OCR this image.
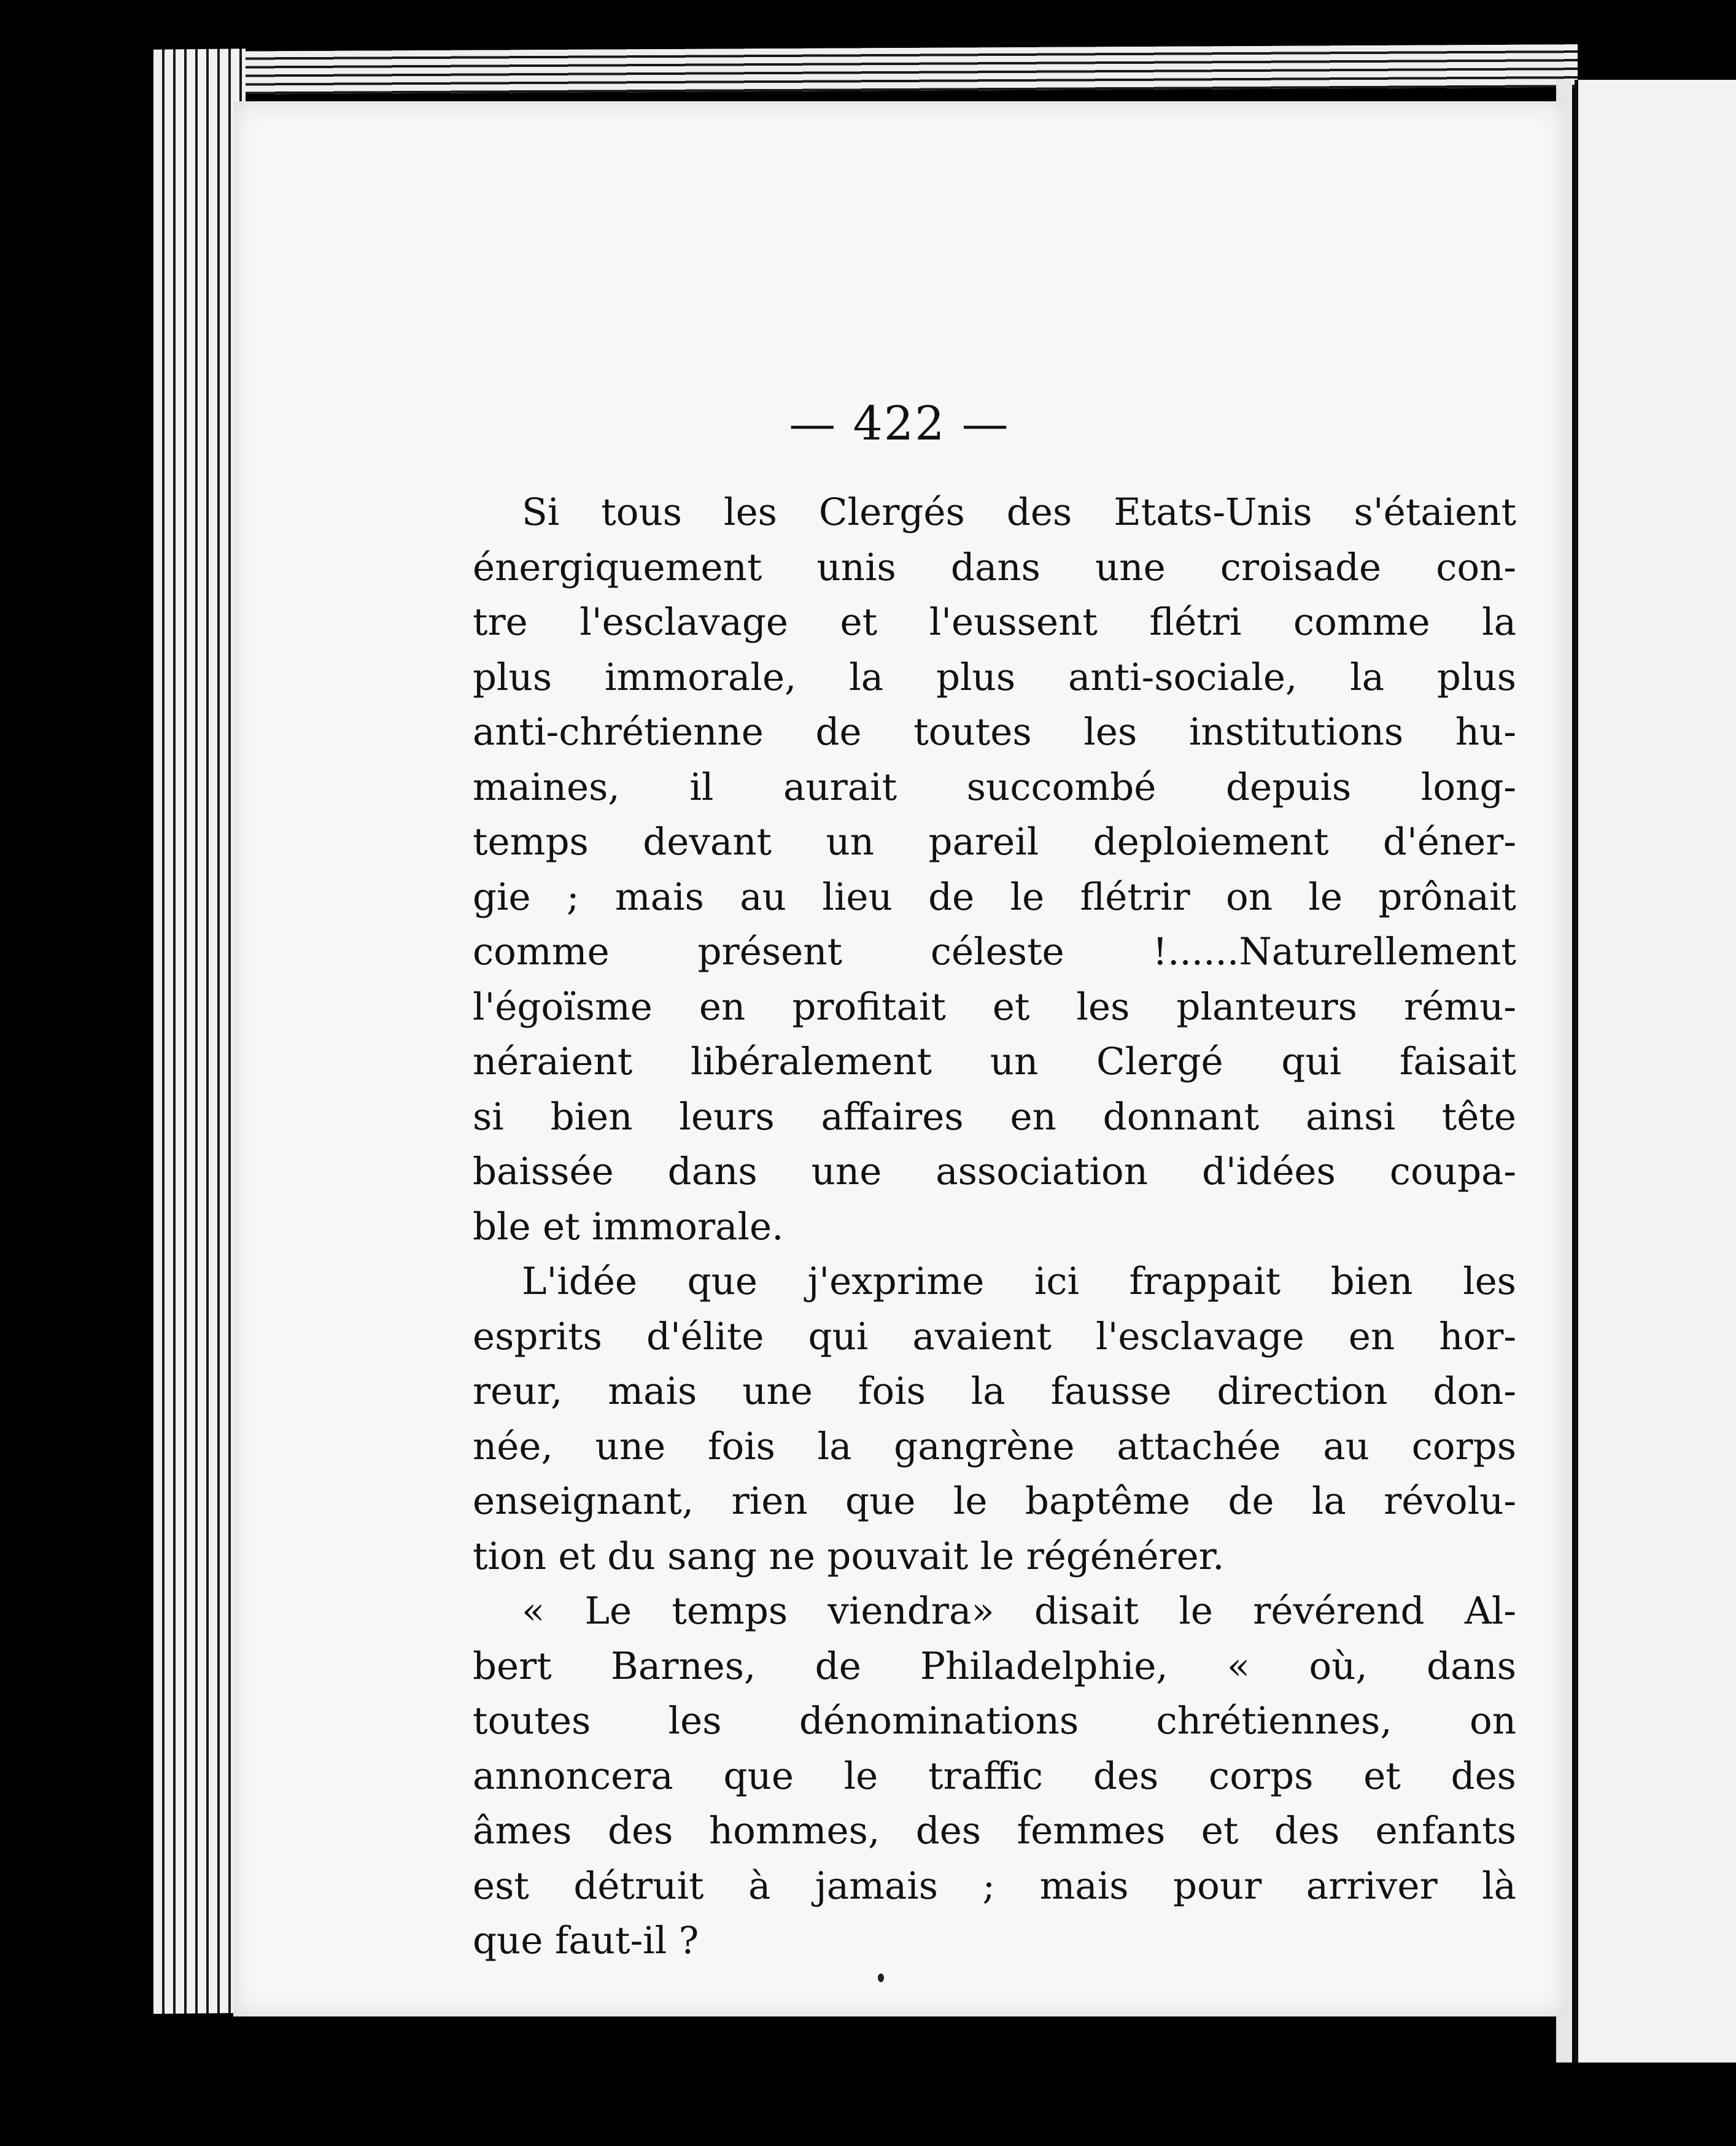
— 422 —

Si tous les Clergés des Etats-Unis s'étaient
énergiquement unis dans une croisade con-
tre l'esclavage et l'eussent flétri comme la
plus immorale, la plus anti-sociale, la plus
anti-chrétienne de toutes les institutions hu-
maines, il aurait succombé depuis long-
temps devant un pareil deploiement d'éner-
gie ; mais au lieu de le flétrir on le prônait
comme présent céleste !......Naturellement
l'égoïsme en profitait et les planteurs rému-
néraient libéralement un Clergé qui faisait
si bien leurs affaires en donnant ainsi tête
baissée dans une association d'idées coupa-
ble et immorale.

L'idée que j'exprime ici frappait bien les
esprits d'élite qui avaient l'esclavage en hor-
reur, mais une fois la fausse direction don-
née, une fois la gangrène attachée au corps
enseignant, rien que le baptême de la révolu-
tion et du sang ne pouvait le régénérer.

« Le temps viendra» disait le révérend Al-
bert Barnes, de Philadelphie, « où, dans
toutes les dénominations chrétiennes, on
annoncera que le traffic des corps et des
âmes des hommes, des femmes et des enfants
est détruit à jamais ; mais pour arriver là
que faut-il ?
